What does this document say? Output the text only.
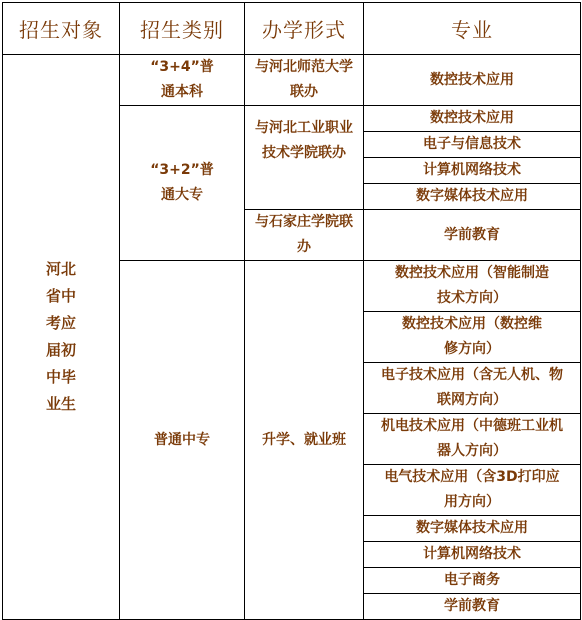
招生对象	招生类别	办学形式	专业
河北省中考应届初中毕业生	“3+4”普通本科	与河北师范大学联办	数控技术应用

	“3+2”普通大专	与河北工业职业技术学院联办	数控技术应用
			电子与信息技术
			计算机网络技术
			数字媒体技术应用

		与石家庄学院联办	学前教育
	普通中专	升学、就业班	数控技术应用（智能制造技术方向）

			数控技术应用（数控维修方向）

			电子技术应用（含无人机、物联网方向）

			机电技术应用（中德班工业机器人方向）

			电气技术应用（含3D打印应用方向）

			数字媒体技术应用
			计算机网络技术
			电子商务
			学前教育
